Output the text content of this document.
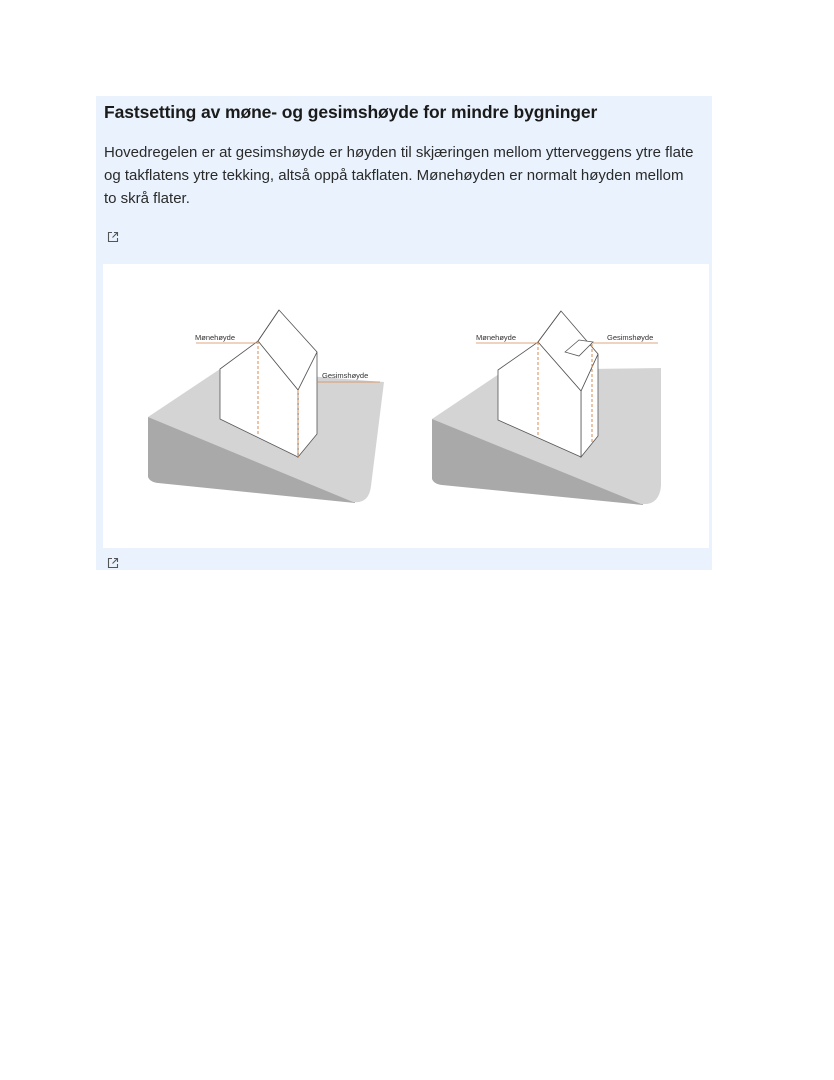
Fastsetting av møne- og gesimshøyde for mindre bygninger

Hovedregelen er at gesimshøyde er høyden til skjæringen mellom ytterveggens ytre flate og takflatens ytre tekking, altså oppå takflaten. Mønehøyden er normalt høyden mellom to skrå flater.

Mønehøyde
Gesimshøyde
Mønehøyde	Gesimshøyde
